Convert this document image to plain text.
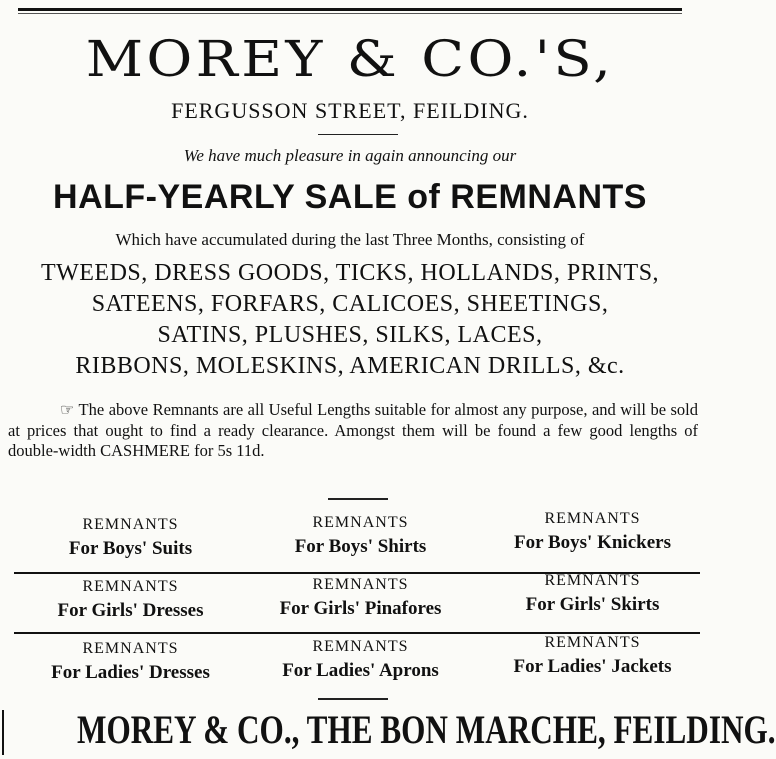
MOREY & CO.'S,
FERGUSSON STREET, FEILDING.
We have much pleasure in again announcing our
HALF-YEARLY SALE of REMNANTS
Which have accumulated during the last Three Months, consisting of
TWEEDS, DRESS GOODS, TICKS, HOLLANDS, PRINTS,
SATEENS, FORFARS, CALICOES, SHEETINGS,
SATINS, PLUSHES, SILKS, LACES,
RIBBONS, MOLESKINS, AMERICAN DRILLS, &c.
☞ The above Remnants are all Useful Lengths suitable for almost any purpose, and will be sold at prices that ought to find a ready clearance. Amongst them will be found a few good lengths of double-width CASHMERE for 5s 11d.
REMNANTS
For Boys' Suits
REMNANTS
For Boys' Shirts
REMNANTS
For Boys' Knickers
REMNANTS
For Girls' Dresses
REMNANTS
For Girls' Pinafores
REMNANTS
For Girls' Skirts
REMNANTS
For Ladies' Dresses
REMNANTS
For Ladies' Aprons
REMNANTS
For Ladies' Jackets
MOREY & CO., THE BON MARCHE, FEILDING.
